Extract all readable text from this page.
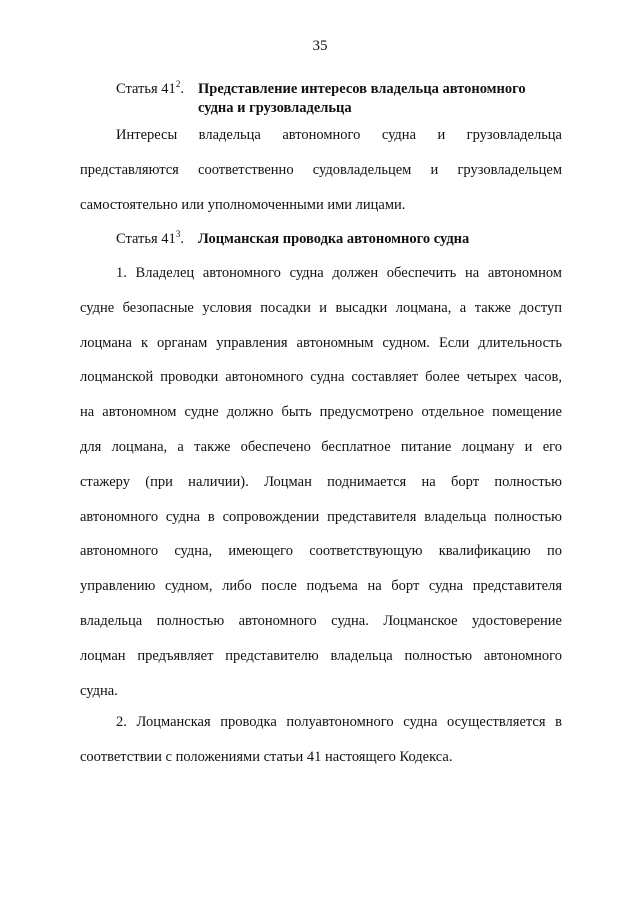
35
Статья $41^2$. Представление интересов владельца автономного
судна и грузовладельца
Интересы владельца автономного судна и грузовладельца
представляются соответственно судовладельцем и грузовладельцем
самостоятельно или уполномоченными ими лицами.
Статья $41^3$. Лоцманская проводка автономного судна
1. Владелец автономного судна должен обеспечить на автономном
судне безопасные условия посадки и высадки лоцмана, а также доступ
лоцмана к органам управления автономным судном. Если длительность
лоцманской проводки автономного судна составляет более четырех часов,
на автономном судне должно быть предусмотрено отдельное помещение
для лоцмана, а также обеспечено бесплатное питание лоцману и его
стажеру (при наличии). Лоцман поднимается на борт полностью
автономного судна в сопровождении представителя владельца полностью
автономного судна, имеющего соответствующую квалификацию по
управлению судном, либо после подъема на борт судна представителя
владельца полностью автономного судна. Лоцманское удостоверение
лоцман предъявляет представителю владельца полностью автономного
судна.
2. Лоцманская проводка полуавтономного судна осуществляется в
соответствии с положениями статьи 41 настоящего Кодекса.
